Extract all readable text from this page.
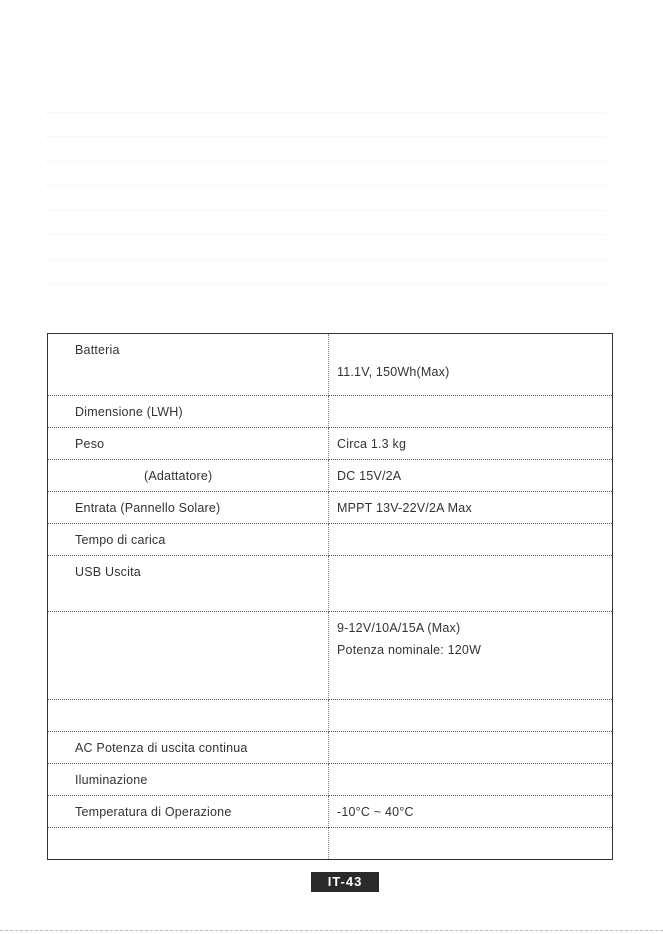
Batteria	11.1V, 150Wh(Max)

Dimensione (LWH)	

Peso	Circa 1.3 kg

(Adattatore)	DC 15V/2A

Entrata (Pannello Solare)	MPPT 13V-22V/2A Max

Tempo di carica	

USB Uscita	

	9-12V/10A/15A (Max)
Potenza nominale: 120W

AC Potenza di uscita continua	

Iluminazione	

Temperatura di Operazione	-10°C ~ 40°C

IT-43
